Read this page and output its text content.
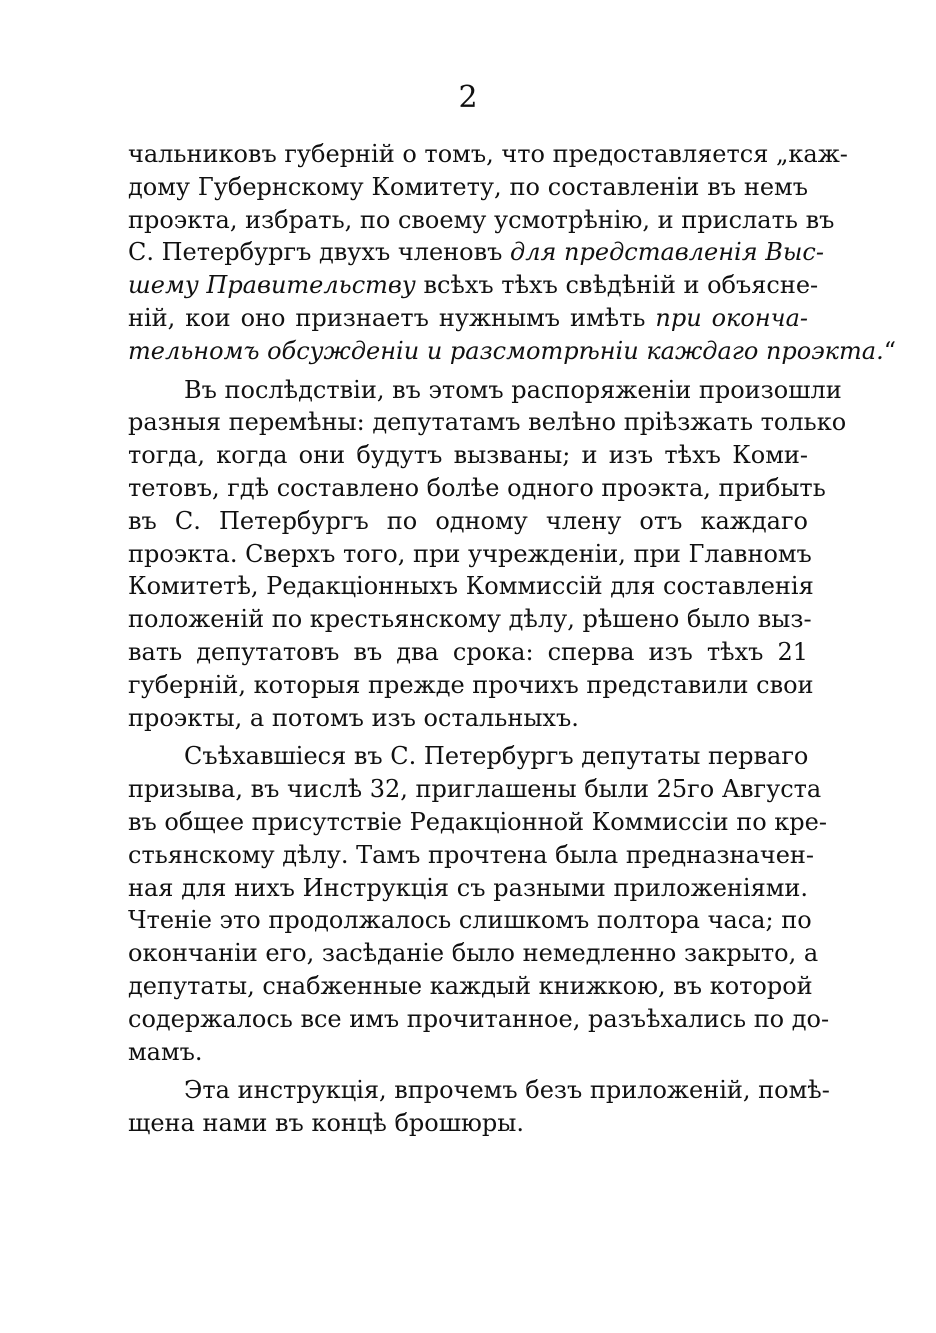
2
чальниковъ губерній о томъ, что предоставляется „каж-
дому Губернскому Комитету, по составленіи въ немъ
проэкта, избрать, по своему усмотрѣнію, и прислать въ
С. Петербургъ двухъ членовъ для представленія Выс-
шему Правительству всѣхъ тѣхъ свѣдѣній и объясне-
ній, кои оно признаетъ нужнымъ имѣть при оконча-
тельномъ обсужденіи и разсмотрѣніи каждаго проэкта.“
Въ послѣдствіи, въ этомъ распоряженіи произошли
разныя перемѣны: депутатамъ велѣно пріѣзжать только
тогда, когда они будутъ вызваны; и изъ тѣхъ Коми-
тетовъ, гдѣ составлено болѣе одного проэкта, прибыть
въ С. Петербургъ по одному члену отъ каждаго
проэкта. Сверхъ того, при учрежденіи, при Главномъ
Комитетѣ, Редакціонныхъ Коммиссій для составленія
положеній по крестьянскому дѣлу, рѣшено было выз-
вать депутатовъ въ два срока: сперва изъ тѣхъ 21
губерній, которыя прежде прочихъ представили свои
проэкты, а потомъ изъ остальныхъ.
Съѣхавшіеся въ С. Петербургъ депутаты перваго
призыва, въ числѣ 32, приглашены были 25го Августа
въ общее присутствіе Редакціонной Коммиссіи по кре-
стьянскому дѣлу. Тамъ прочтена была предназначен-
ная для нихъ Инструкція съ разными приложеніями.
Чтеніе это продолжалось слишкомъ полтора часа; по
окончаніи его, засѣданіе было немедленно закрыто, а
депутаты, снабженные каждый книжкою, въ которой
содержалось все имъ прочитанное, разъѣхались по до-
мамъ.
Эта инструкція, впрочемъ безъ приложеній, помѣ-
щена нами въ концѣ брошюры.
